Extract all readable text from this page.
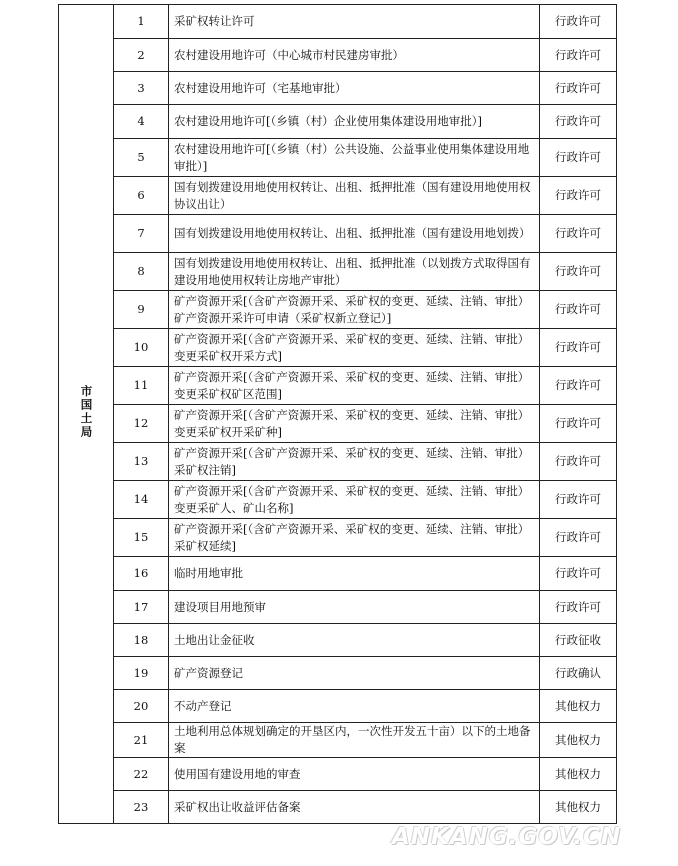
市国土局	1	采矿权转让许可	行政许可
	2	农村建设用地许可（中心城市村民建房审批）	行政许可
	3	农村建设用地许可（宅基地审批）	行政许可
	4	农村建设用地许可[（乡镇（村）企业使用集体建设用地审批）]	行政许可
	5	农村建设用地许可[（乡镇（村）公共设施、公益事业使用集体建设用地审批）]	行政许可
	6	国有划拨建设用地使用权转让、出租、抵押批准（国有建设用地使用权协议出让）	行政许可
	7	国有划拨建设用地使用权转让、出租、抵押批准（国有建设用地划拨）	行政许可
	8	国有划拨建设用地使用权转让、出租、抵押批准（以划拨方式取得国有建设用地使用权转让房地产审批）	行政许可
	9	矿产资源开采[（含矿产资源开采、采矿权的变更、延续、注销、审批）矿产资源开采许可申请（采矿权新立登记）]	行政许可
	10	矿产资源开采[（含矿产资源开采、采矿权的变更、延续、注销、审批）变更采矿权开采方式]	行政许可
	11	矿产资源开采[（含矿产资源开采、采矿权的变更、延续、注销、审批）变更采矿权矿区范围]	行政许可
	12	矿产资源开采[（含矿产资源开采、采矿权的变更、延续、注销、审批）变更采矿权开采矿种]	行政许可
	13	矿产资源开采[（含矿产资源开采、采矿权的变更、延续、注销、审批）采矿权注销]	行政许可
	14	矿产资源开采[（含矿产资源开采、采矿权的变更、延续、注销、审批）变更采矿人、矿山名称]	行政许可
	15	矿产资源开采[（含矿产资源开采、采矿权的变更、延续、注销、审批）采矿权延续]	行政许可
	16	临时用地审批	行政许可
	17	建设项目用地预审	行政许可
	18	土地出让金征收	行政征收
	19	矿产资源登记	行政确认
	20	不动产登记	其他权力
	21	土地利用总体规划确定的开垦区内，一次性开发五十亩）以下的土地备案	其他权力
	22	使用国有建设用地的审查	其他权力
	23	采矿权出让收益评估备案	其他权力
ANKANG.GOV.CN
